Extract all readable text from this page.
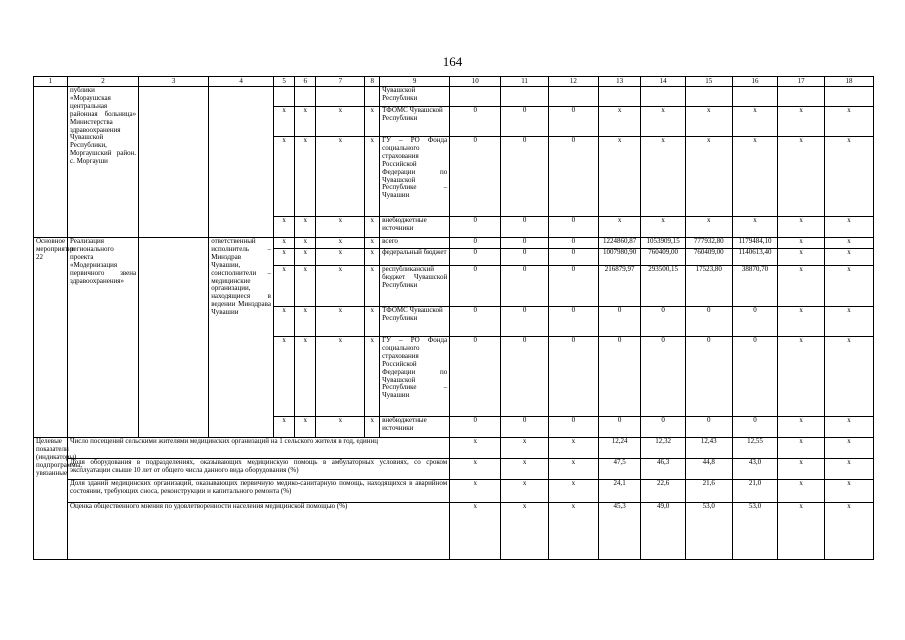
164
1	2	3	4	5	6	7	8	9	10	11	12	13	14	15	16	17	18
	публики «Мораушская центральная районная больница» Министерства здравоохранения Чувашской Республики, Моргаушский район. с. Моргауши							Чувашской Республики									
				x	x	x	x	ТФОМС Чувашской Республики	0	0	0	x	x	x	x	x	x
				x	x	x	x	ГУ – РО Фонда социального страхования Российской Федерации по Чувашской Республике – Чувашии	0	0	0	x	x	x	x	x	x
				x	x	x	x	внебюджетные источники	0	0	0	x	x	x	x	x	x
Основное мероприятие 22	Реализация регионального проекта «Модернизация первичного звена здравоохранения»		ответственный исполнитель – Минздрав Чувашии, соисполнители – медицинские организации, находящиеся в ведении Минздрава Чувашии	x	x	x	x	всего	0	0	0	1224860,87	1053909,15	777932,80	1179484,10	x	x
				x	x	x	x	федеральный бюджет	0	0	0	1007980,90	760409,00	760409,00	1140613,40	x	x
				x	x	x	x	республиканский бюджет Чувашской Республики	0	0	0	216879,97	293500,15	17523,80	38870,70	x	x
				x	x	x	x	ТФОМС Чувашской Республики	0	0	0	0	0	0	0	x	x
				x	x	x	x	ГУ – РО Фонда социального страхования Российской Федерации по Чувашской Республике – Чувашии	0	0	0	0	0	0	0	x	x
				x	x	x	x	внебюджетные источники	0	0	0	0	0	0	0	x	x
Целевые показатели (индикаторы) подпрограммы, увязанные	Число посещений сельскими жителями медицинских организаций на 1 сельского жителя в год, единиц								x	x	x	12,24	12,32	12,43	12,55	x	x
	Доля оборудования в подразделениях, оказывающих медицинскую помощь в амбулаторных условиях, со сроком эксплуатации свыше 10 лет от общего числа данного вида оборудования (%)								x	x	x	47,5	46,3	44,8	43,0	x	x
	Доля зданий медицинских организаций, оказывающих первичную медико-санитарную помощь, находящихся в аварийном состоянии, требующих сноса, реконструкции и капитального ремонта (%)								x	x	x	24,1	22,6	21,6	21,0	x	x
	Оценка общественного мнения по удовлетворенности населения медицинской помощью (%)								x	x	x	45,3	49,0	53,0	53,0	x	x
